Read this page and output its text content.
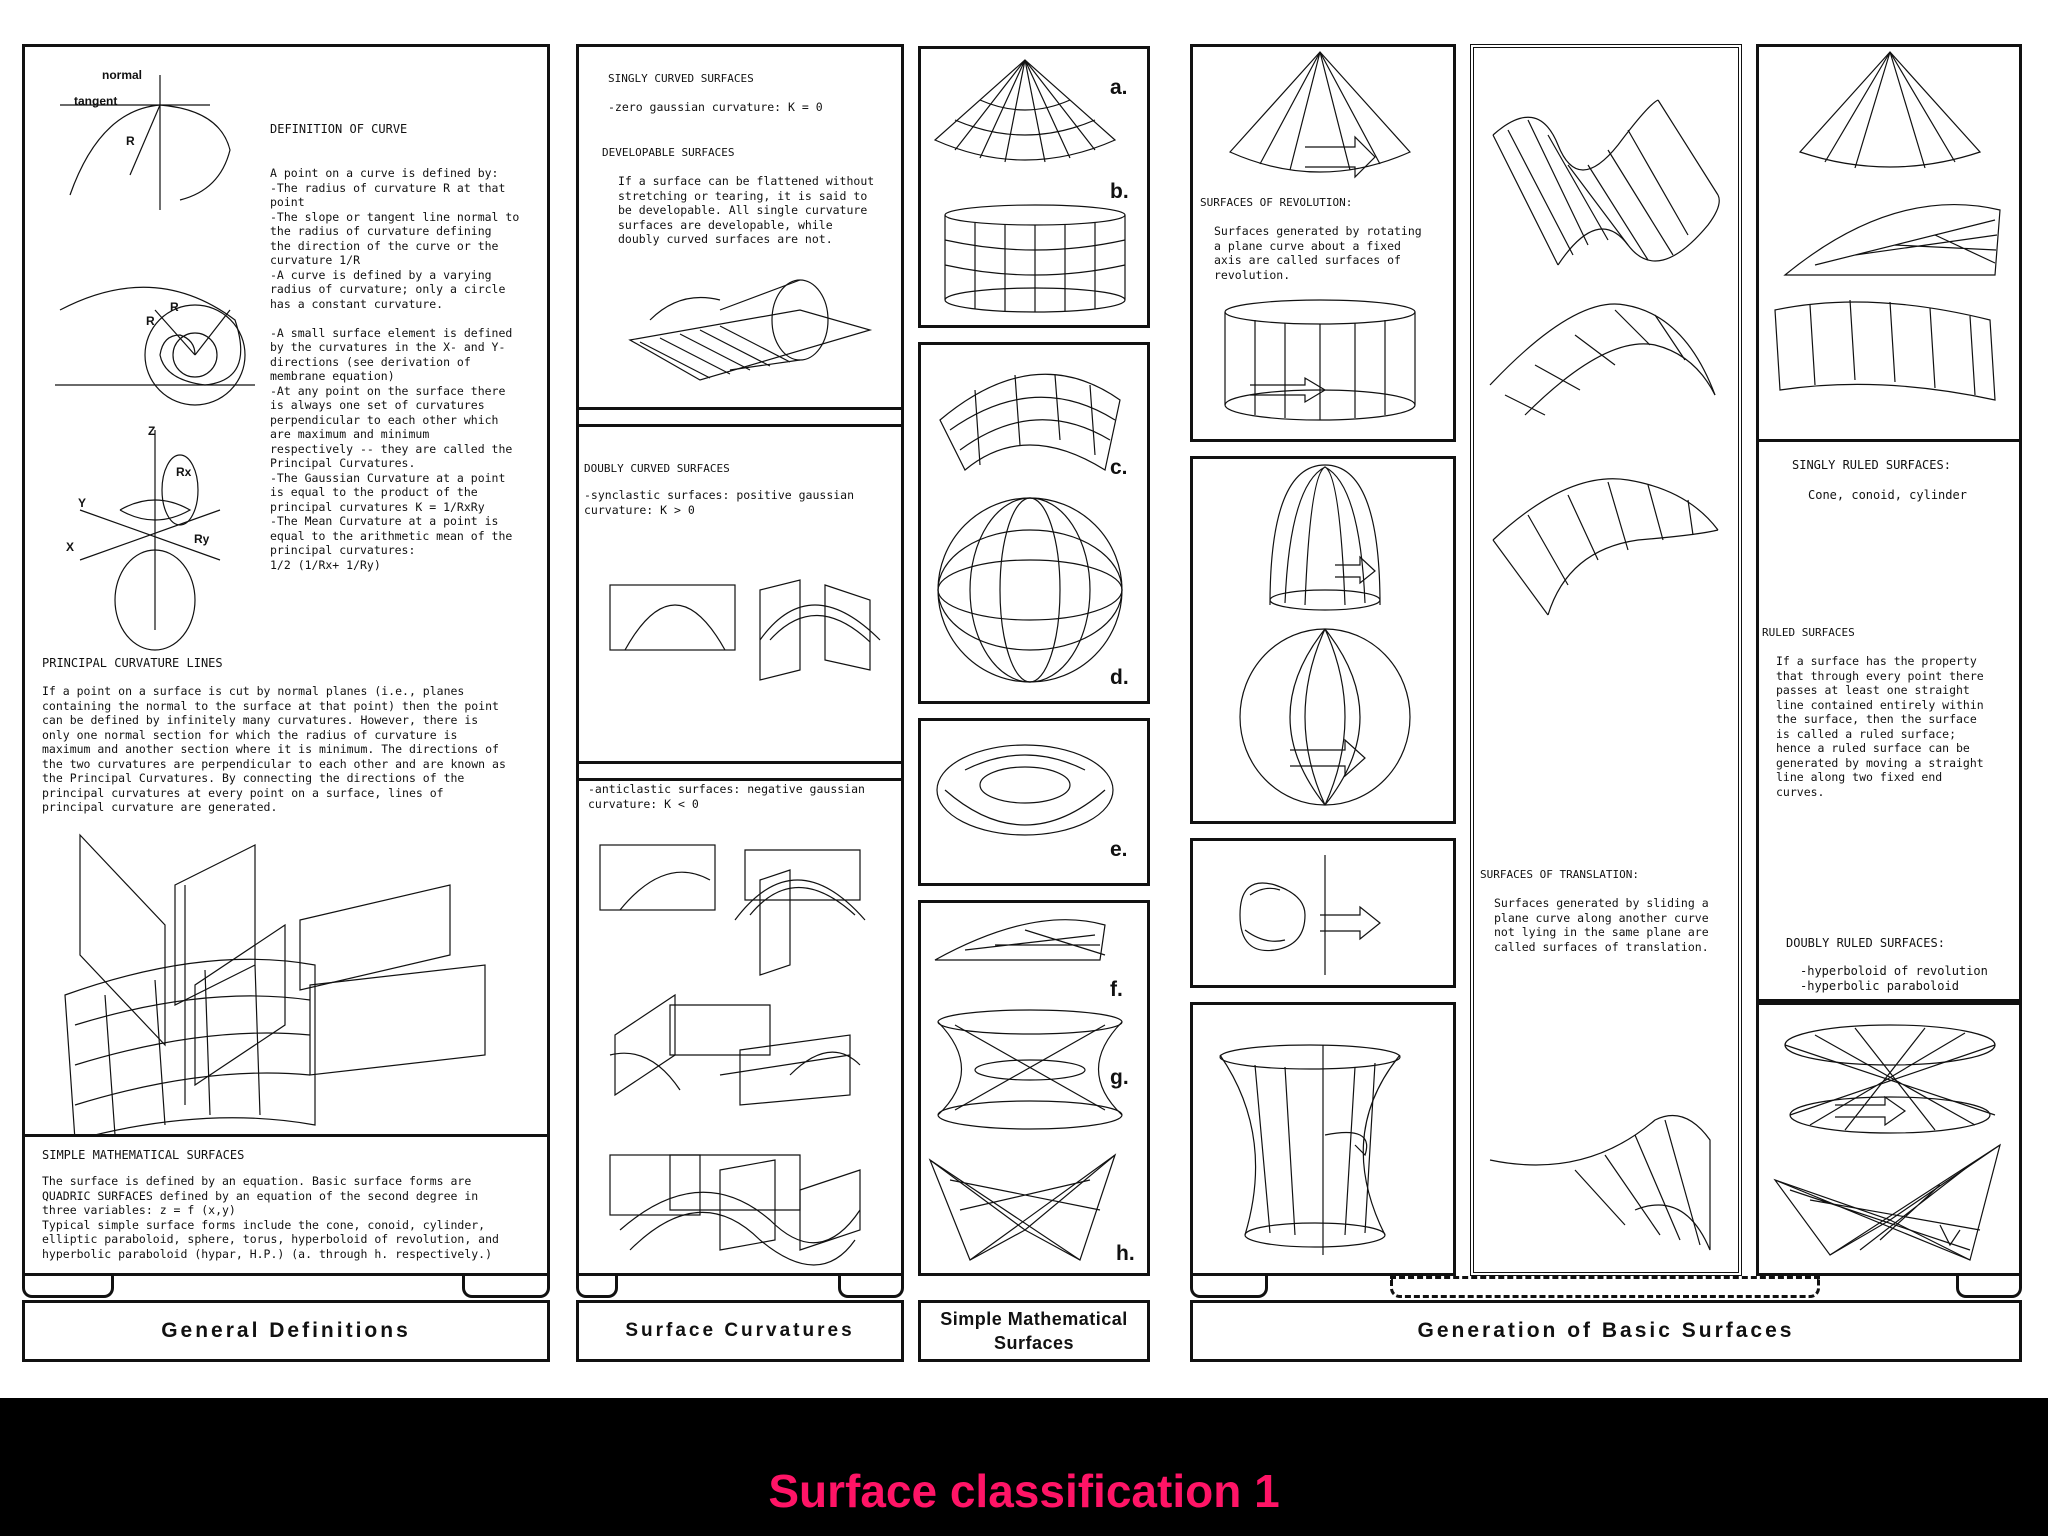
normal
tangent
R
R
R
Rx
Ry
X
Y
Z
DEFINITION OF CURVE
A point on a curve is defined by:
-The radius of curvature R at that
point
-The slope or tangent line normal to
the radius of curvature defining
the direction of the curve or the
curvature 1/R
-A curve is defined by a varying
radius of curvature; only a circle
has a constant curvature.

-A small surface element is defined
by the curvatures in the X- and Y-
directions (see derivation of
membrane equation)
-At any point on the surface there
is always one set of curvatures
perpendicular to each other which
are maximum and minimum
respectively -- they are called the
Principal Curvatures.
-The Gaussian Curvature at a point
is equal to the product of the
principal curvatures K = 1/RxRy
-The Mean Curvature at a point is
equal to the arithmetic mean of the
principal curvatures:
1/2 (1/Rx+ 1/Ry)
PRINCIPAL CURVATURE LINES
If a point on a surface is cut by normal planes (i.e., planes
containing the normal to the surface at that point) then the point
can be defined by infinitely many curvatures. However, there is
only one normal section for which the radius of curvature is
maximum and another section where it is minimum. The directions of
the two curvatures are perpendicular to each other and are known as
the Principal Curvatures. By connecting the directions of the
principal curvatures at every point on a surface, lines of
principal curvature are generated.
SIMPLE MATHEMATICAL SURFACES
The surface is defined by an equation. Basic surface forms are
QUADRIC SURFACES defined by an equation of the second degree in
three variables: z = f (x,y)
Typical simple surface forms include the cone, conoid, cylinder,
elliptic paraboloid, sphere, torus, hyperboloid of revolution, and
hyperbolic paraboloid (hypar, H.P.) (a. through h. respectively.)
General Definitions
SINGLY CURVED SURFACES
-zero gaussian curvature: K = 0
DEVELOPABLE SURFACES
If a surface can be flattened without
stretching or tearing, it is said to
be developable. All single curvature
surfaces are developable, while
doubly curved surfaces are not.
DOUBLY CURVED SURFACES
-synclastic surfaces: positive gaussian
curvature: K > 0
-anticlastic surfaces: negative gaussian
curvature: K < 0
Surface Curvatures
a.
b.
c.
d.
e.
f.
g.
h.
Simple Mathematical
Surfaces
SURFACES OF REVOLUTION:
Surfaces generated by rotating
a plane curve about a fixed
axis are called surfaces of
revolution.
SURFACES OF TRANSLATION:
Surfaces generated by sliding a
plane curve along another curve
not lying in the same plane are
called surfaces of translation.
SINGLY RULED SURFACES:
Cone, conoid, cylinder
RULED SURFACES
If a surface has the property
that through every point there
passes at least one straight
line contained entirely within
the surface, then the surface
is called a ruled surface;
hence a ruled surface can be
generated by moving a straight
line along two fixed end
curves.
DOUBLY RULED SURFACES:
-hyperboloid of revolution
-hyperbolic paraboloid
Generation of Basic Surfaces
Surface classification 1
